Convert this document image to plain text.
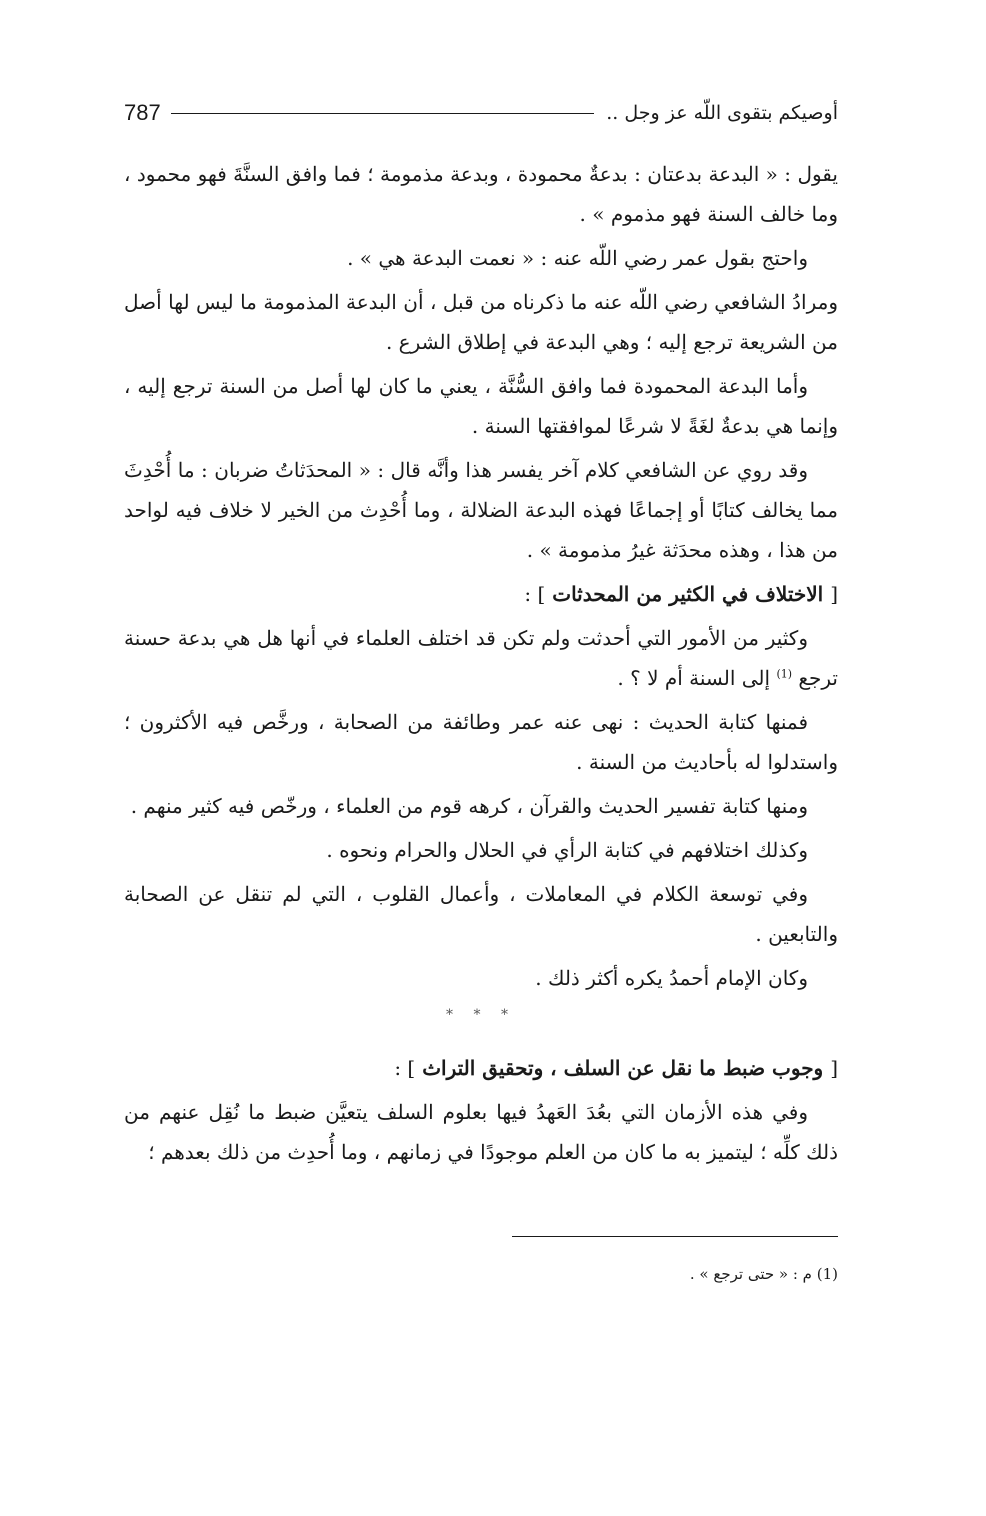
أوصيكم بتقوى اللّه عز وجل ..
787

يقول : « البدعة بدعتان : بدعةٌ محمودة ، وبدعة مذمومة ؛ فما وافق السنَّةَ فهو محمود ، وما خالف السنة فهو مذموم » .

واحتج بقول عمر رضي اللّه عنه : « نعمت البدعة هي » .

ومرادُ الشافعي رضي اللّه عنه ما ذكرناه من قبل ، أن البدعة المذمومة ما ليس لها أصل من الشريعة ترجع إليه ؛ وهي البدعة في إطلاق الشرع .

وأما البدعة المحمودة فما وافق السُّنَّة ، يعني ما كان لها أصل من السنة ترجع إليه ، وإنما هي بدعةٌ لغَةً لا شرعًا لموافقتها السنة .

وقد روي عن الشافعي كلام آخر يفسر هذا وأنَّه قال : « المحدَثاتُ ضربان : ما أُحْدِثَ مما يخالف كتابًا أو إجماعًا فهذه البدعة الضلالة ، وما أُحْدِث من الخير لا خلاف فيه لواحد من هذا ، وهذه محدَثة غيرُ مذمومة » .

[ الاختلاف في الكثير من المحدثات ] :

وكثير من الأمور التي أحدثت ولم تكن قد اختلف العلماء في أنها هل هي بدعة حسنة ترجع $^{(1)}$ إلى السنة أم لا ؟ .

فمنها كتابة الحديث : نهى عنه عمر وطائفة من الصحابة ، ورخَّص فيه الأكثرون ؛ واستدلوا له بأحاديث من السنة .

ومنها كتابة تفسير الحديث والقرآن ، كرهه قوم من العلماء ، ورخّص فيه كثير منهم .

وكذلك اختلافهم في كتابة الرأي في الحلال والحرام ونحوه .

وفي توسعة الكلام في المعاملات ، وأعمال القلوب ، التي لم تنقل عن الصحابة والتابعين .

وكان الإمام أحمدُ يكره أكثر ذلك .

* * *

[ وجوب ضبط ما نقل عن السلف ، وتحقيق التراث ] :

وفي هذه الأزمان التي بعُدَ العَهدُ فيها بعلوم السلف يتعيَّن ضبط ما نُقِل عنهم من ذلك كلِّه ؛ ليتميز به ما كان من العلم موجودًا في زمانهم ، وما أُحدِث من ذلك بعدهم ؛

(1) م : « حتى ترجع » .
